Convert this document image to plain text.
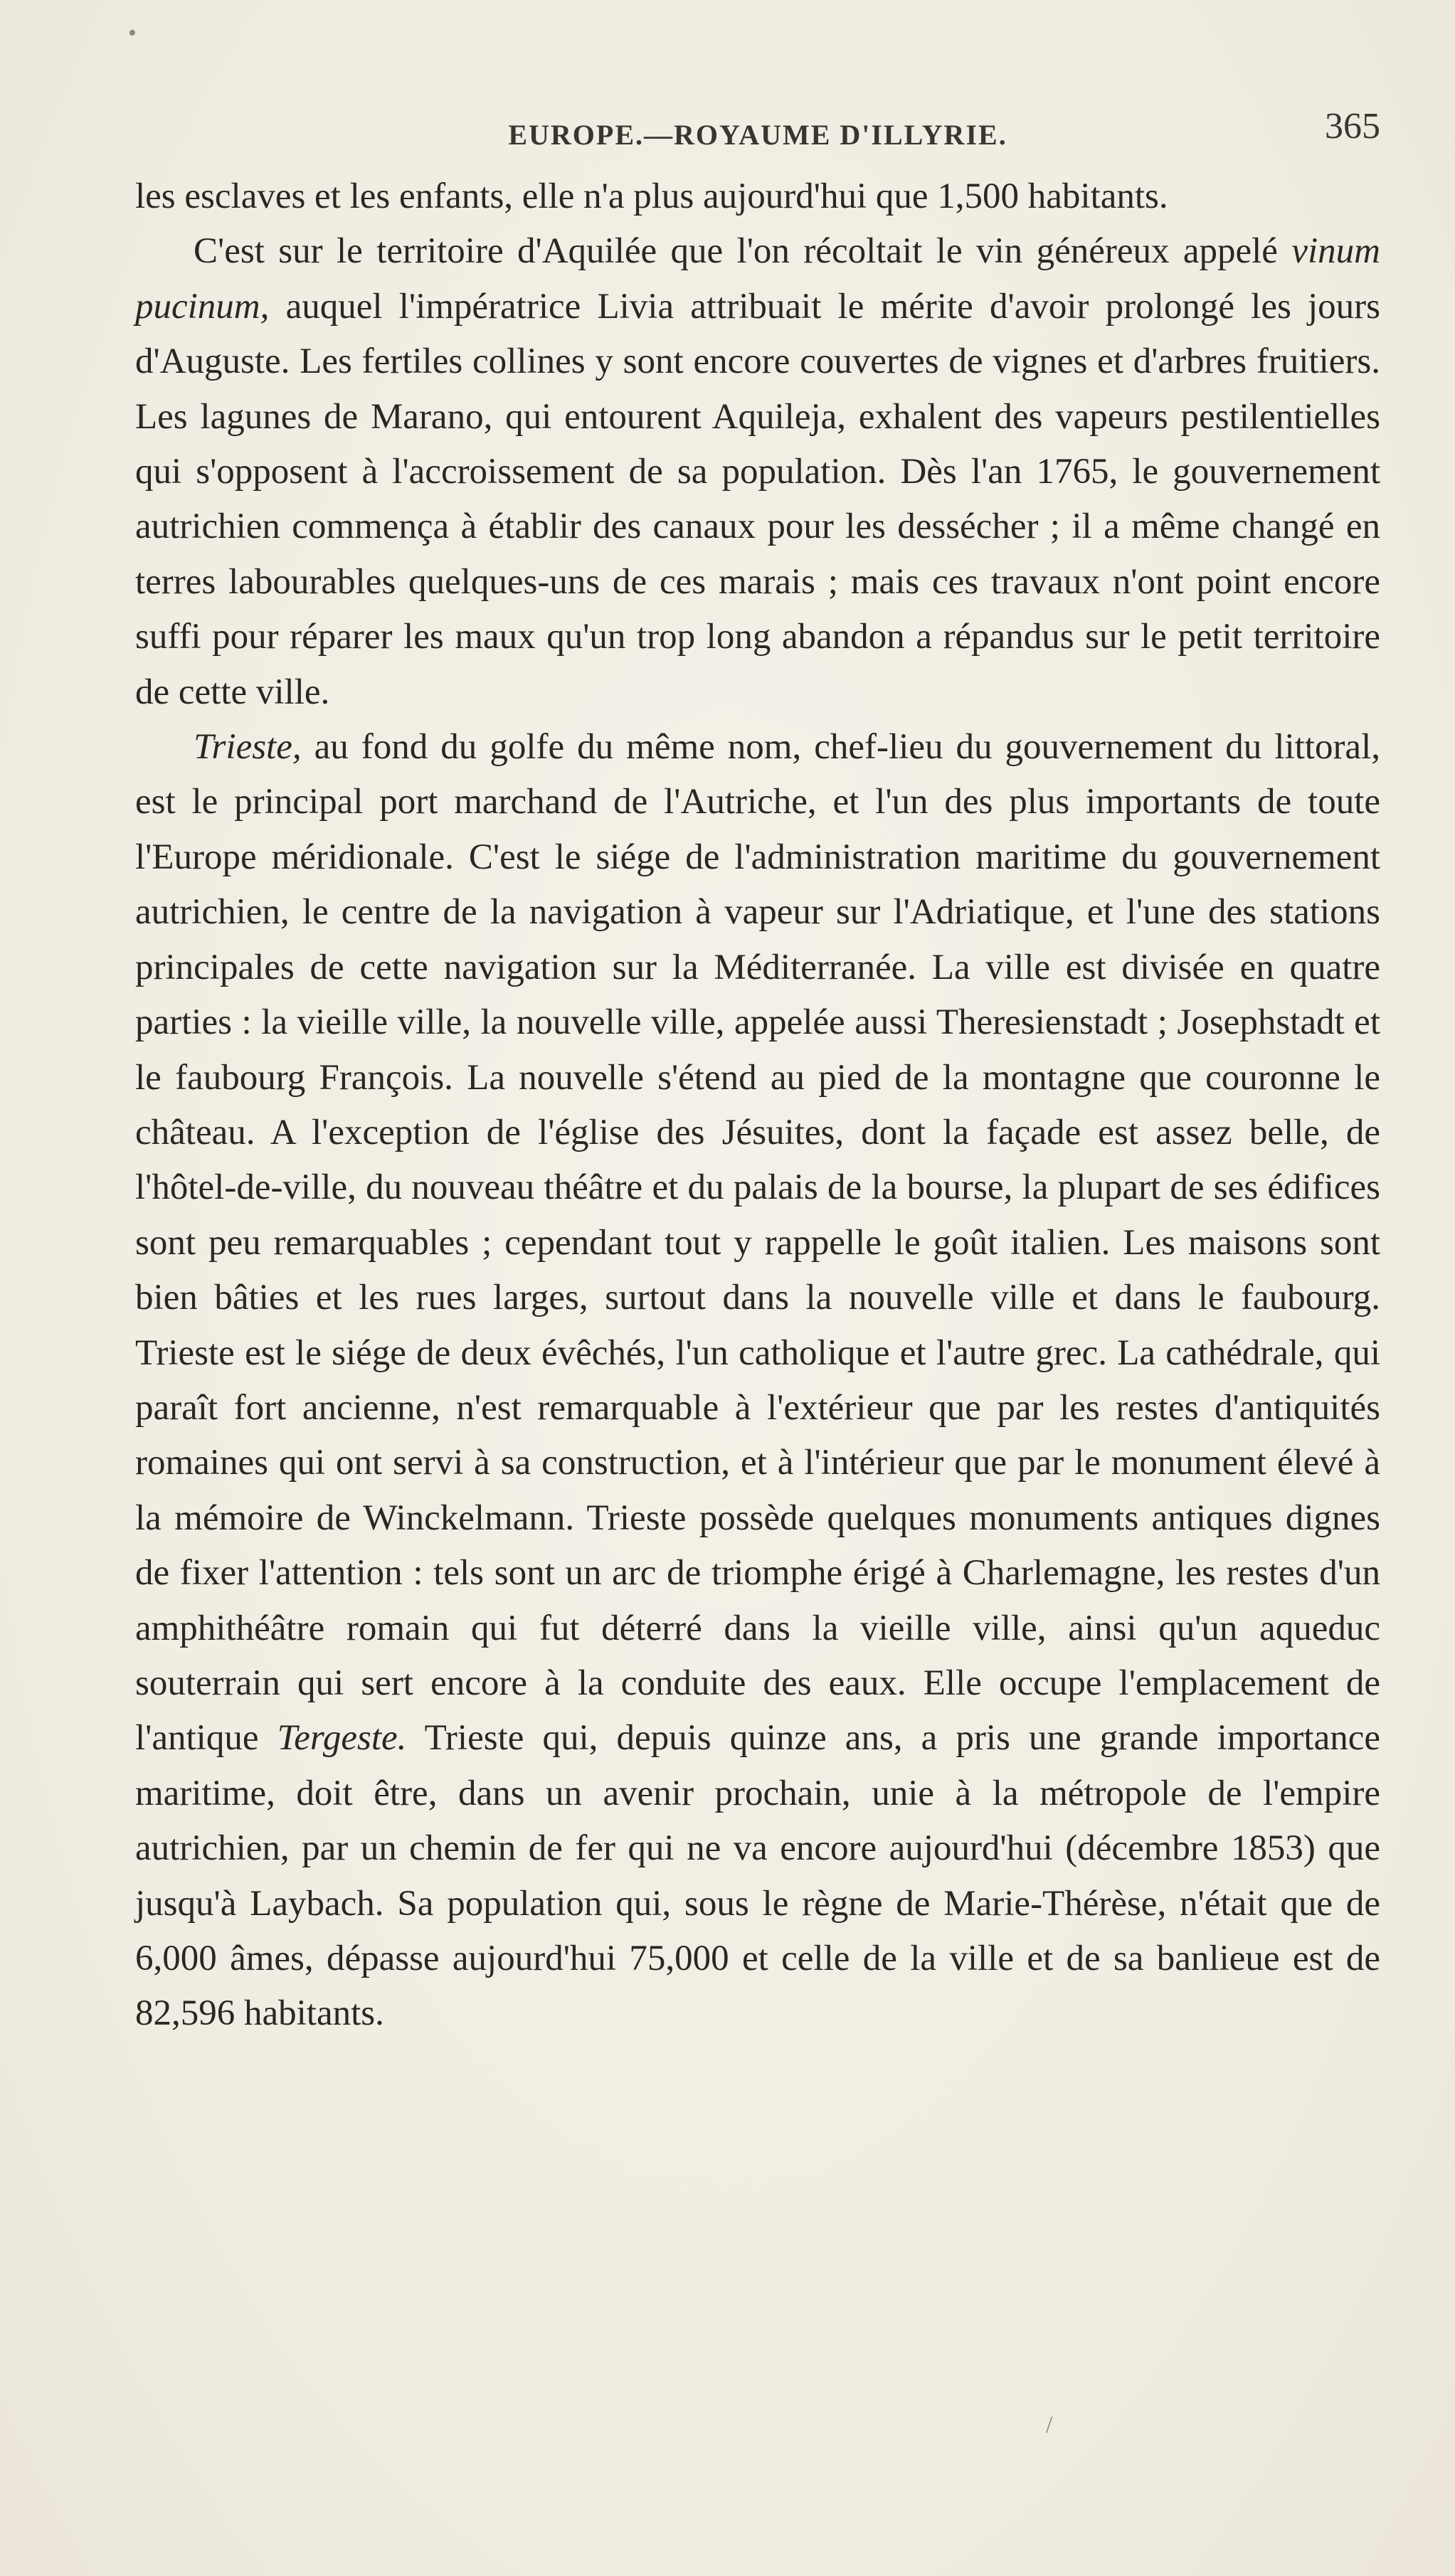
•
/
EUROPE.—ROYAUME D'ILLYRIE.	365

les esclaves et les enfants, elle n'a plus aujourd'hui que 1,500 habitants.

C'est sur le territoire d'Aquilée que l'on récoltait le vin généreux appelé vinum pucinum, auquel l'impératrice Livia attribuait le mérite d'avoir prolongé les jours d'Auguste. Les fertiles collines y sont encore couvertes de vignes et d'arbres fruitiers. Les lagunes de Marano, qui entourent Aquileja, exhalent des vapeurs pestilentielles qui s'opposent à l'accroissement de sa population. Dès l'an 1765, le gouvernement autrichien commença à établir des canaux pour les dessécher ; il a même changé en terres labourables quelques-uns de ces marais ; mais ces travaux n'ont point encore suffi pour réparer les maux qu'un trop long abandon a répandus sur le petit territoire de cette ville.

Trieste, au fond du golfe du même nom, chef-lieu du gouvernement du littoral, est le principal port marchand de l'Autriche, et l'un des plus importants de toute l'Europe méridionale. C'est le siége de l'administration maritime du gouvernement autrichien, le centre de la navigation à vapeur sur l'Adriatique, et l'une des stations principales de cette navigation sur la Méditerranée. La ville est divisée en quatre parties : la vieille ville, la nouvelle ville, appelée aussi Theresienstadt ; Josephstadt et le faubourg François. La nouvelle s'étend au pied de la montagne que couronne le château. A l'exception de l'église des Jésuites, dont la façade est assez belle, de l'hôtel-de-ville, du nouveau théâtre et du palais de la bourse, la plupart de ses édifices sont peu remarquables ; cependant tout y rappelle le goût italien. Les maisons sont bien bâties et les rues larges, surtout dans la nouvelle ville et dans le faubourg. Trieste est le siége de deux évêchés, l'un catholique et l'autre grec. La cathédrale, qui paraît fort ancienne, n'est remarquable à l'extérieur que par les restes d'antiquités romaines qui ont servi à sa construction, et à l'intérieur que par le monument élevé à la mémoire de Winckelmann. Trieste possède quelques monuments antiques dignes de fixer l'attention : tels sont un arc de triomphe érigé à Charlemagne, les restes d'un amphithéâtre romain qui fut déterré dans la vieille ville, ainsi qu'un aqueduc souterrain qui sert encore à la conduite des eaux. Elle occupe l'emplacement de l'antique Tergeste. Trieste qui, depuis quinze ans, a pris une grande importance maritime, doit être, dans un avenir prochain, unie à la métropole de l'empire autrichien, par un chemin de fer qui ne va encore aujourd'hui (décembre 1853) que jusqu'à Laybach. Sa population qui, sous le règne de Marie-Thérèse, n'était que de 6,000 âmes, dépasse aujourd'hui 75,000 et celle de la ville et de sa banlieue est de 82,596 habitants.
